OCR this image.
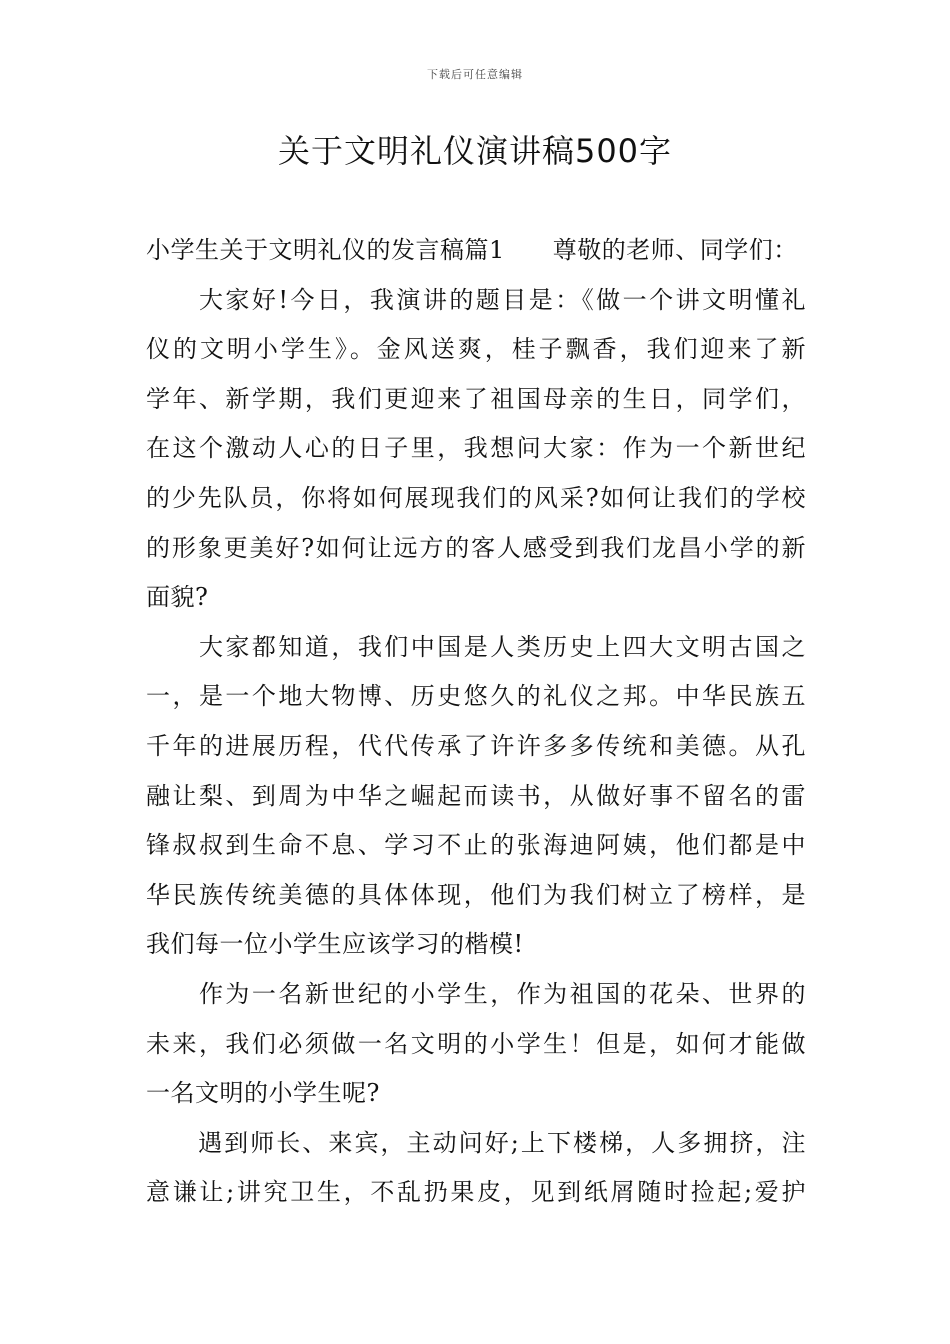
下载后可任意编辑
关于文明礼仪演讲稿500字
小学生关于文明礼仪的发言稿篇1 尊敬的老师、同学们：
　　大家好!今日，我演讲的题目是：《做一个讲文明懂礼
仪的文明小学生》。金风送爽，桂子飘香，我们迎来了新
学年、新学期，我们更迎来了祖国母亲的生日，同学们，
在这个激动人心的日子里，我想问大家：作为一个新世纪
的少先队员，你将如何展现我们的风采?如何让我们的学校
的形象更美好?如何让远方的客人感受到我们龙昌小学的新
面貌?
　　大家都知道，我们中国是人类历史上四大文明古国之
一，是一个地大物博、历史悠久的礼仪之邦。中华民族五
千年的进展历程，代代传承了许许多多传统和美德。从孔
融让梨、到周为中华之崛起而读书，从做好事不留名的雷
锋叔叔到生命不息、学习不止的张海迪阿姨，他们都是中
华民族传统美德的具体体现，他们为我们树立了榜样，是
我们每一位小学生应该学习的楷模!
　　作为一名新世纪的小学生，作为祖国的花朵、世界的
未来，我们必须做一名文明的小学生！但是，如何才能做
一名文明的小学生呢?
　　遇到师长、来宾，主动问好;上下楼梯，人多拥挤，注
意谦让;讲究卫生，不乱扔果皮，见到纸屑随时捡起;爱护
